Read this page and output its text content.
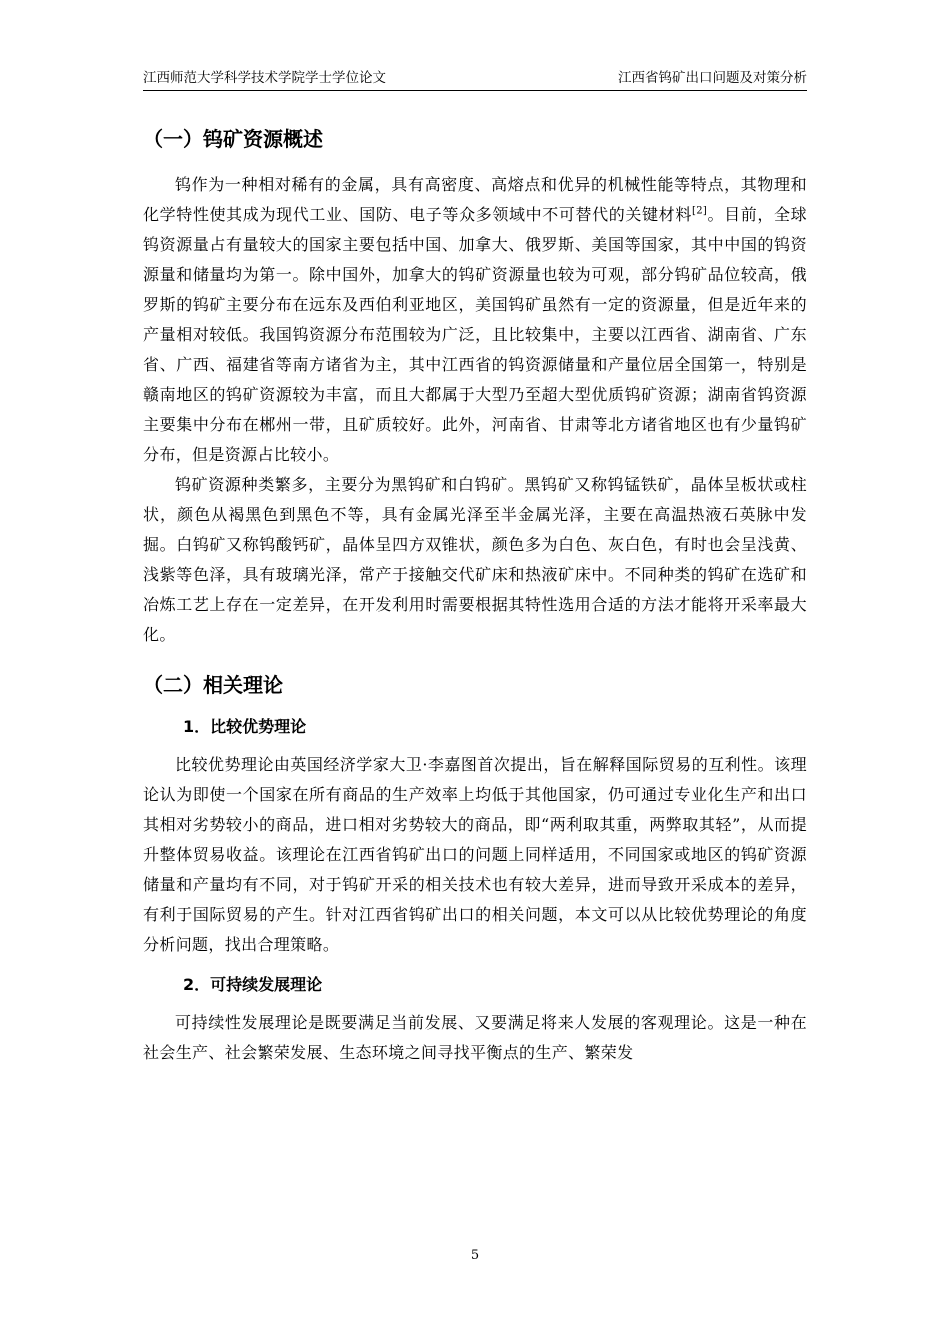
江西师范大学科学技术学院学士学位论文	江西省钨矿出口问题及对策分析
（一）钨矿资源概述

钨作为一种相对稀有的金属，具有高密度、高熔点和优异的机械性能等特点，其物理和化学特性使其成为现代工业、国防、电子等众多领域中不可替代的关键材料[2]。目前，全球钨资源量占有量较大的国家主要包括中国、加拿大、俄罗斯、美国等国家，其中中国的钨资源量和储量均为第一。除中国外，加拿大的钨矿资源量也较为可观，部分钨矿品位较高，俄罗斯的钨矿主要分布在远东及西伯利亚地区，美国钨矿虽然有一定的资源量，但是近年来的产量相对较低。我国钨资源分布范围较为广泛，且比较集中，主要以江西省、湖南省、广东省、广西、福建省等南方诸省为主，其中江西省的钨资源储量和产量位居全国第一，特别是赣南地区的钨矿资源较为丰富，而且大都属于大型乃至超大型优质钨矿资源；湖南省钨资源主要集中分布在郴州一带，且矿质较好。此外，河南省、甘肃等北方诸省地区也有少量钨矿分布，但是资源占比较小。

钨矿资源种类繁多，主要分为黑钨矿和白钨矿。黑钨矿又称钨锰铁矿，晶体呈板状或柱状，颜色从褐黑色到黑色不等，具有金属光泽至半金属光泽，主要在高温热液石英脉中发掘。白钨矿又称钨酸钙矿，晶体呈四方双锥状，颜色多为白色、灰白色，有时也会呈浅黄、浅紫等色泽，具有玻璃光泽，常产于接触交代矿床和热液矿床中。不同种类的钨矿在选矿和冶炼工艺上存在一定差异，在开发利用时需要根据其特性选用合适的方法才能将开采率最大化。

（二）相关理论
1．比较优势理论

比较优势理论由英国经济学家大卫·李嘉图首次提出，旨在解释国际贸易的互利性。该理论认为即使一个国家在所有商品的生产效率上均低于其他国家，仍可通过专业化生产和出口其相对劣势较小的商品，进口相对劣势较大的商品，即“两利取其重，两弊取其轻”，从而提升整体贸易收益。该理论在江西省钨矿出口的问题上同样适用，不同国家或地区的钨矿资源储量和产量均有不同，对于钨矿开采的相关技术也有较大差异，进而导致开采成本的差异，有利于国际贸易的产生。针对江西省钨矿出口的相关问题，本文可以从比较优势理论的角度分析问题，找出合理策略。

2．可持续发展理论

可持续性发展理论是既要满足当前发展、又要满足将来人发展的客观理论。这是一种在社会生产、社会繁荣发展、生态环境之间寻找平衡点的生产、繁荣发

5
